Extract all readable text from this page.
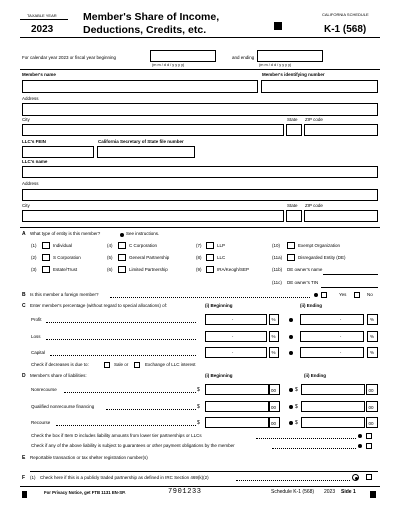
TAXABLE YEAR
2023
Member's Share of Income,
Deductions, Credits, etc.
CALIFORNIA SCHEDULE
K-1 (568)
For calendar year 2023 or fiscal year beginning
(m m / d d / y y y y)
and ending
(m m / d d / y y y y)
Member's name	Member's identifying number
Address
City	State ZIP code
LLC's FEIN	California Secretary of State file number
LLC's name
Address
City	State ZIP code
A What type of entity is this member?	See instructions.
(1)	Individual	(4)	C Corporation	(7)	LLP	(10)	Exempt Organization
(2)	S Corporation	(5)	General Partnership	(8)	LLC	(11a)	Disregarded Entity (DE)
(3)	Estate/Trust	(6)	Limited Partnership	(9)	IRA/Keogh/SEP	(11b) DE owner's name
(11c) DE owner's TIN
B Is this member a foreign member?	Yes	No
C Enter member's percentage (without regard to special allocations) of:	(i) Beginning	(ii) Ending
Profit	.	%	.	%
Loss	.	%	.	%
Capital	.	%	.	%
Check if decreases is due to:	Sale or	Exchange of LLC interest
D Member's share of liabilities:	(i) Beginning	(ii) Ending
Nonrecourse	$	00	$	00
Qualified nonrecourse financing	$	00	$	00
Recourse	$	00	$	00
Check the box if Item D includes liability amounts from lower tier partnerships or LLCs
Check if any of the above liability is subject to guarantees or other payment obligations by the member
E Reportable transaction or tax shelter registration number(s)
F (1) Check here if this is a publicly traded partnership as defined in IRC Section 469(k)(2)
For Privacy Notice, get FTB 1131 EN-SP.	7901233	Schedule K-1 (568) 2023 Side 1
